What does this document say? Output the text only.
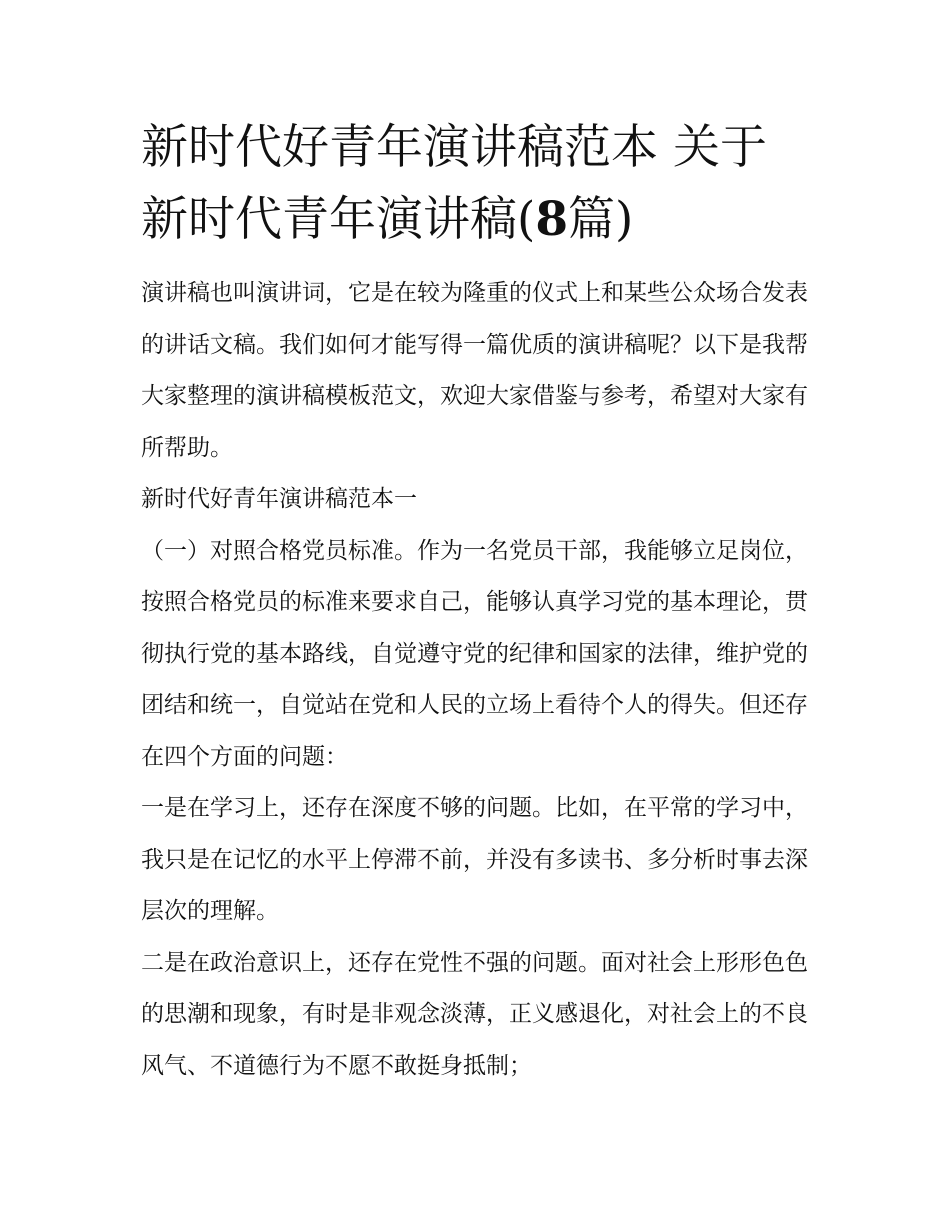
新时代好青年演讲稿范本 关于新时代青年演讲稿(8篇)

演讲稿也叫演讲词，它是在较为隆重的仪式上和某些公众场合发表的讲话文稿。我们如何才能写得一篇优质的演讲稿呢？以下是我帮大家整理的演讲稿模板范文，欢迎大家借鉴与参考，希望对大家有所帮助。

新时代好青年演讲稿范本一

（一）对照合格党员标准。作为一名党员干部，我能够立足岗位，按照合格党员的标准来要求自己，能够认真学习党的基本理论，贯彻执行党的基本路线，自觉遵守党的纪律和国家的法律，维护党的团结和统一，自觉站在党和人民的立场上看待个人的得失。但还存在四个方面的问题：

一是在学习上，还存在深度不够的问题。比如，在平常的学习中，我只是在记忆的水平上停滞不前，并没有多读书、多分析时事去深层次的理解。

二是在政治意识上，还存在党性不强的问题。面对社会上形形色色的思潮和现象，有时是非观念淡薄，正义感退化，对社会上的不良风气、不道德行为不愿不敢挺身抵制；
